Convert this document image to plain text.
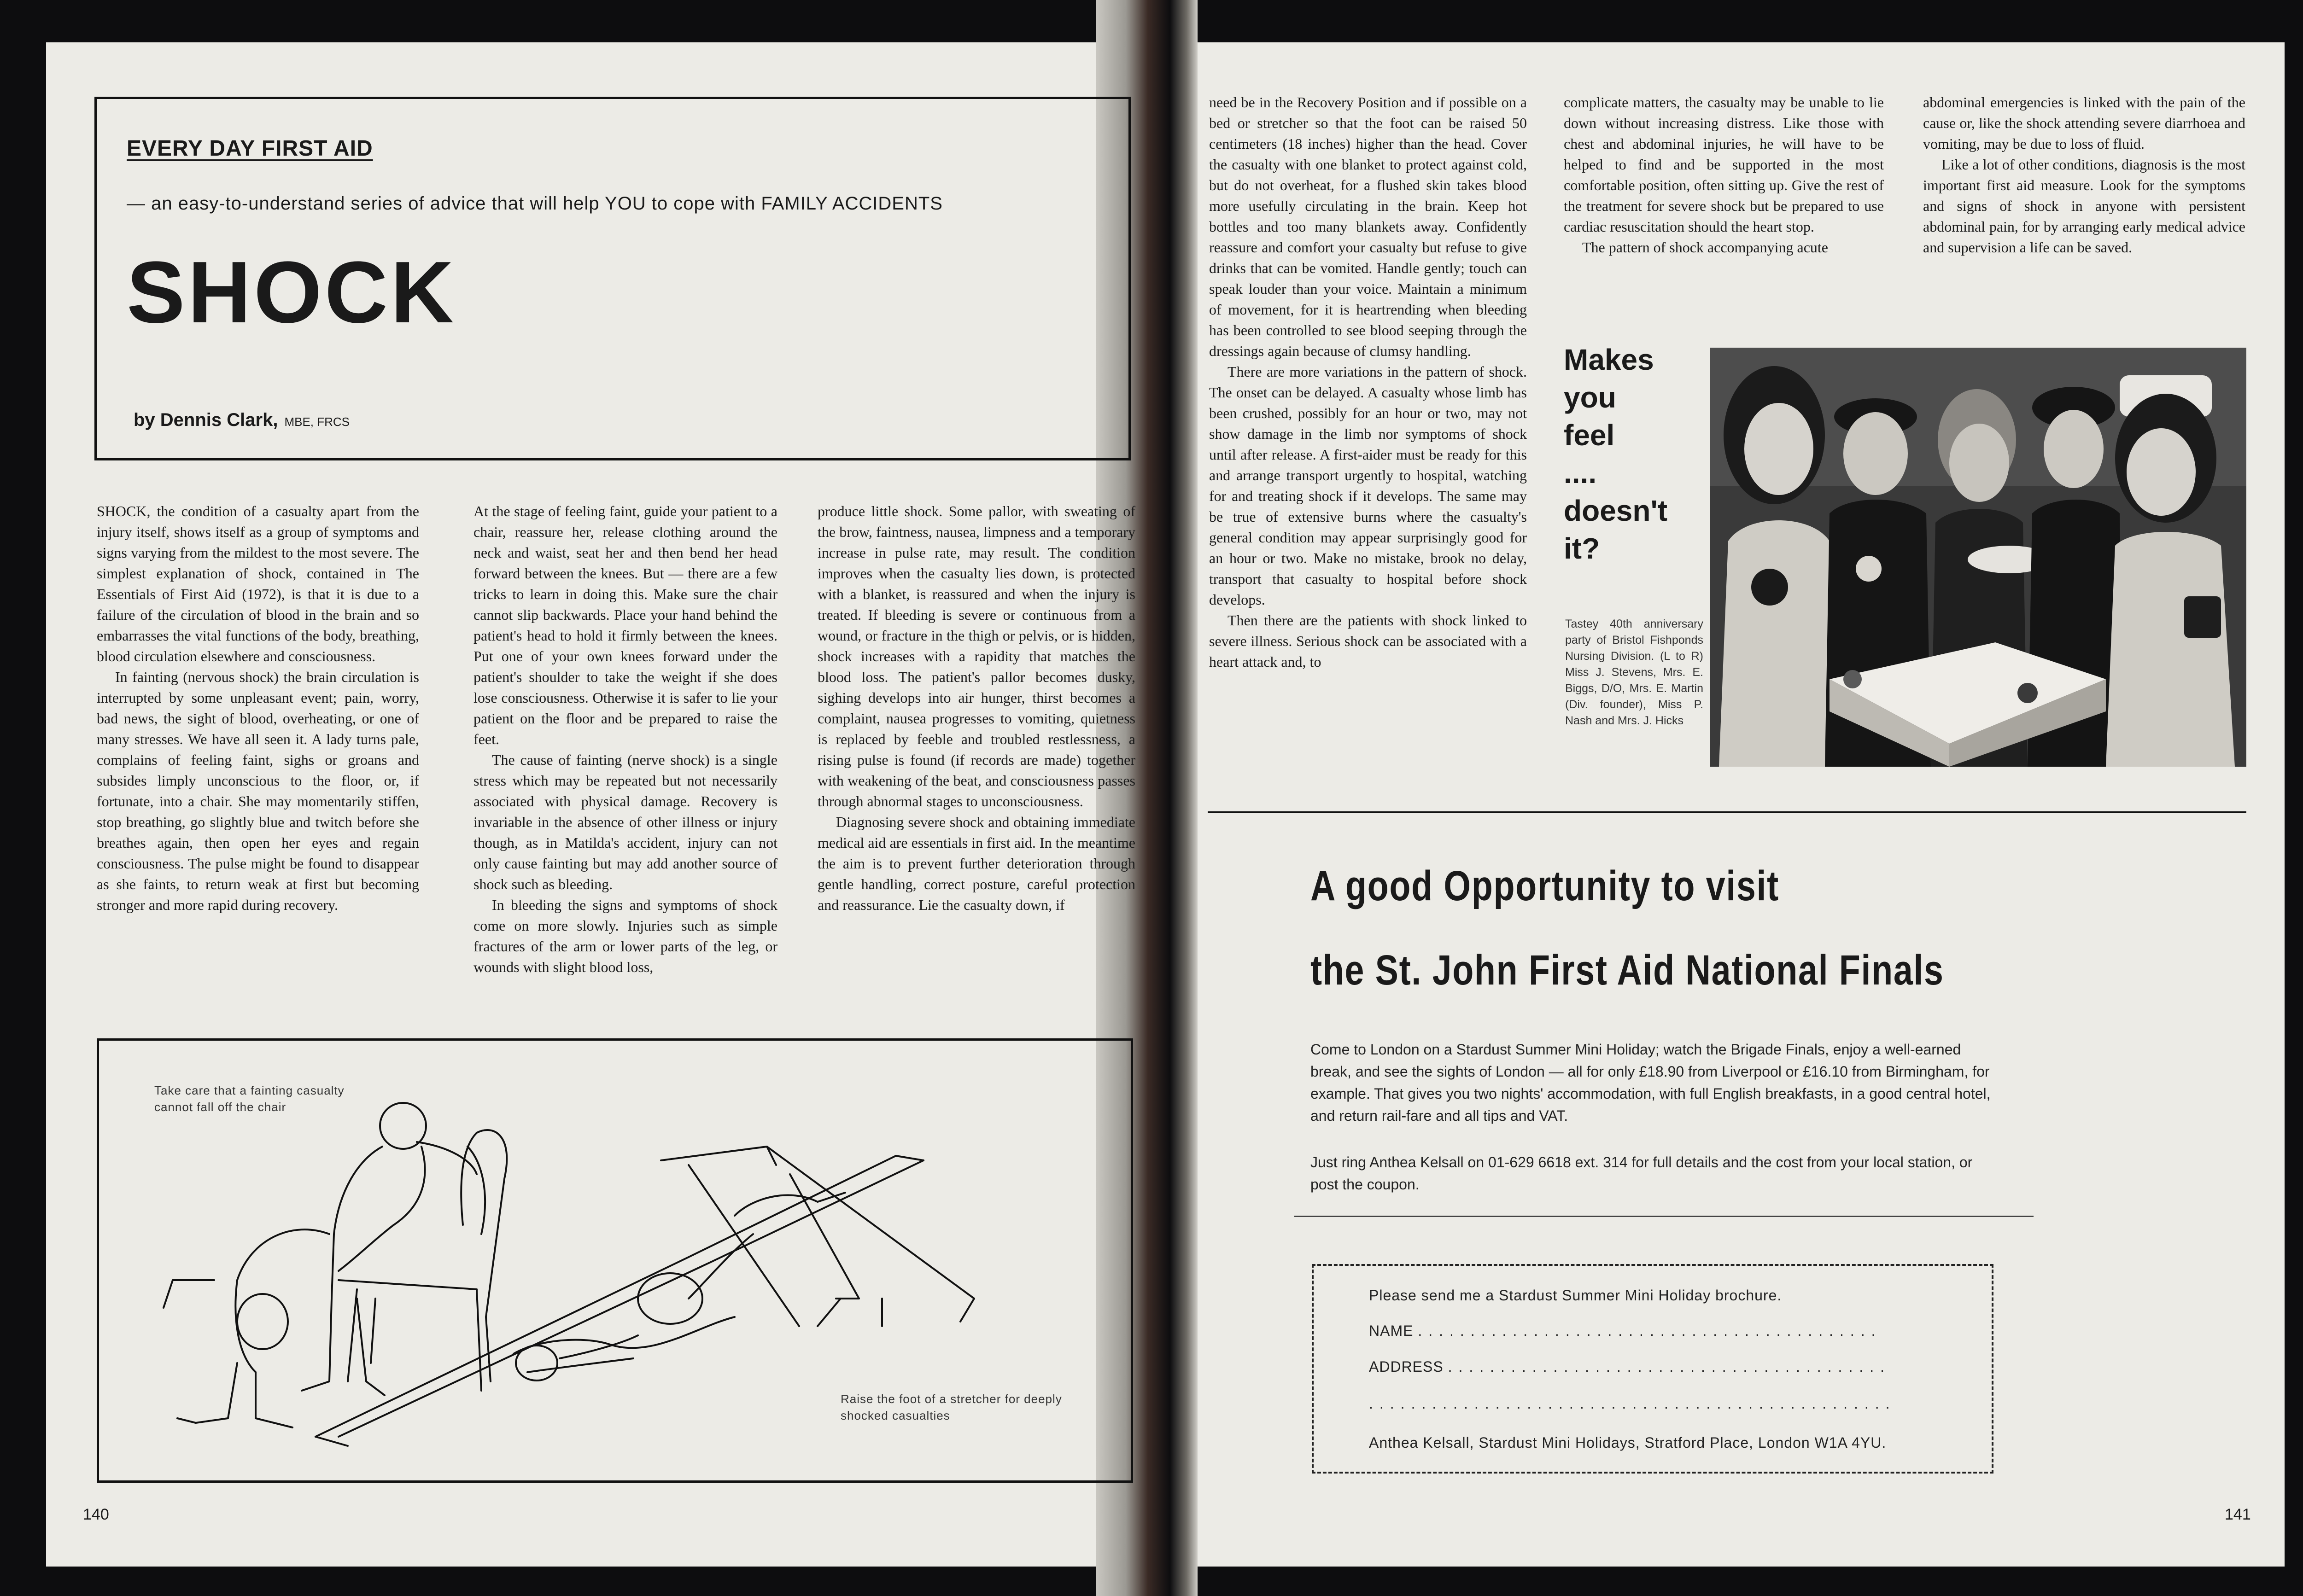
EVERY DAY FIRST AID
— an easy-to-understand series of advice that will help YOU to cope with FAMILY ACCIDENTS
SHOCK
by Dennis Clark, MBE, FRCS

SHOCK, the condition of a casualty apart from the injury itself, shows itself as a group of symptoms and signs varying from the mildest to the most severe. The simplest explanation of shock, contained in The Essentials of First Aid (1972), is that it is due to a failure of the circulation of blood in the brain and so embarrasses the vital functions of the body, breathing, blood circulation elsewhere and consciousness.

In fainting (nervous shock) the brain circulation is interrupted by some unpleasant event; pain, worry, bad news, the sight of blood, overheating, or one of many stresses. We have all seen it. A lady turns pale, complains of feeling faint, sighs or groans and subsides limply unconscious to the floor, or, if fortunate, into a chair. She may momentarily stiffen, stop breathing, go slightly blue and twitch before she breathes again, then open her eyes and regain consciousness. The pulse might be found to disappear as she faints, to return weak at first but becoming stronger and more rapid during recovery.

At the stage of feeling faint, guide your patient to a chair, reassure her, release clothing around the neck and waist, seat her and then bend her head forward between the knees. But — there are a few tricks to learn in doing this. Make sure the chair cannot slip backwards. Place your hand behind the patient's head to hold it firmly between the knees. Put one of your own knees forward under the patient's shoulder to take the weight if she does lose consciousness. Otherwise it is safer to lie your patient on the floor and be prepared to raise the feet.

The cause of fainting (nerve shock) is a single stress which may be repeated but not necessarily associated with physical damage. Recovery is invariable in the absence of other illness or injury though, as in Matilda's accident, injury can not only cause fainting but may add another source of shock such as bleeding.

In bleeding the signs and symptoms of shock come on more slowly. Injuries such as simple fractures of the arm or lower parts of the leg, or wounds with slight blood loss,

produce little shock. Some pallor, with sweating of the brow, faintness, nausea, limpness and a temporary increase in pulse rate, may result. The condition improves when the casualty lies down, is protected with a blanket, is reassured and when the injury is treated. If bleeding is severe or continuous from a wound, or fracture in the thigh or pelvis, or is hidden, shock increases with a rapidity that matches the blood loss. The patient's pallor becomes dusky, sighing develops into air hunger, thirst becomes a complaint, nausea progresses to vomiting, quietness is replaced by feeble and troubled restlessness, a rising pulse is found (if records are made) together with weakening of the beat, and consciousness passes through abnormal stages to unconsciousness.

Diagnosing severe shock and obtaining immediate medical aid are essentials in first aid. In the meantime the aim is to prevent further deterioration through gentle handling, correct posture, careful protection and reassurance. Lie the casualty down, if

Take care that a fainting casualty cannot fall off the chair
Raise the foot of a stretcher for deeply shocked casualties
140

need be in the Recovery Position and if possible on a bed or stretcher so that the foot can be raised 50 centimeters (18 inches) higher than the head. Cover the casualty with one blanket to protect against cold, but do not overheat, for a flushed skin takes blood more usefully circulating in the brain. Keep hot bottles and too many blankets away. Confidently reassure and comfort your casualty but refuse to give drinks that can be vomited. Handle gently; touch can speak louder than your voice. Maintain a minimum of movement, for it is heartrending when bleeding has been controlled to see blood seeping through the dressings again because of clumsy handling.

There are more variations in the pattern of shock. The onset can be delayed. A casualty whose limb has been crushed, possibly for an hour or two, may not show damage in the limb nor symptoms of shock until after release. A first-aider must be ready for this and arrange transport urgently to hospital, watching for and treating shock if it develops. The same may be true of extensive burns where the casualty's general condition may appear surprisingly good for an hour or two. Make no mistake, brook no delay, transport that casualty to hospital before shock develops.

Then there are the patients with shock linked to severe illness. Serious shock can be associated with a heart attack and, to

complicate matters, the casualty may be unable to lie down without increasing distress. Like those with chest and abdominal injuries, he will have to be helped to find and be supported in the most comfortable position, often sitting up. Give the rest of the treatment for severe shock but be prepared to use cardiac resuscitation should the heart stop.

The pattern of shock accompanying acute

abdominal emergencies is linked with the pain of the cause or, like the shock attending severe diarrhoea and vomiting, may be due to loss of fluid.

Like a lot of other conditions, diagnosis is the most important first aid measure. Look for the symptoms and signs of shock in anyone with persistent abdominal pain, for by arranging early medical advice and supervision a life can be saved.

Makes
you
feel
....
doesn't
it?
Tastey 40th anniversary party of Bristol Fishponds Nursing Division. (L to R) Miss J. Stevens, Mrs. E. Biggs, D/O, Mrs. E. Martin (Div. founder), Miss P. Nash and Mrs. J. Hicks
A good Opportunity to visit
the St. John First Aid National Finals
Come to London on a Stardust Summer Mini Holiday; watch the Brigade Finals, enjoy a well-earned break, and see the sights of London — all for only £18.90 from Liverpool or £16.10 from Birmingham, for example. That gives you two nights' accommodation, with full English breakfasts, in a good central hotel, and return rail-fare and all tips and VAT.
Just ring Anthea Kelsall on 01-629 6618 ext. 314 for full details and the cost from your local station, or post the coupon.
Please send me a Stardust Summer Mini Holiday brochure.
NAME ............................................
ADDRESS ..........................................
..................................................
Anthea Kelsall, Stardust Mini Holidays, Stratford Place, London W1A 4YU.
141
